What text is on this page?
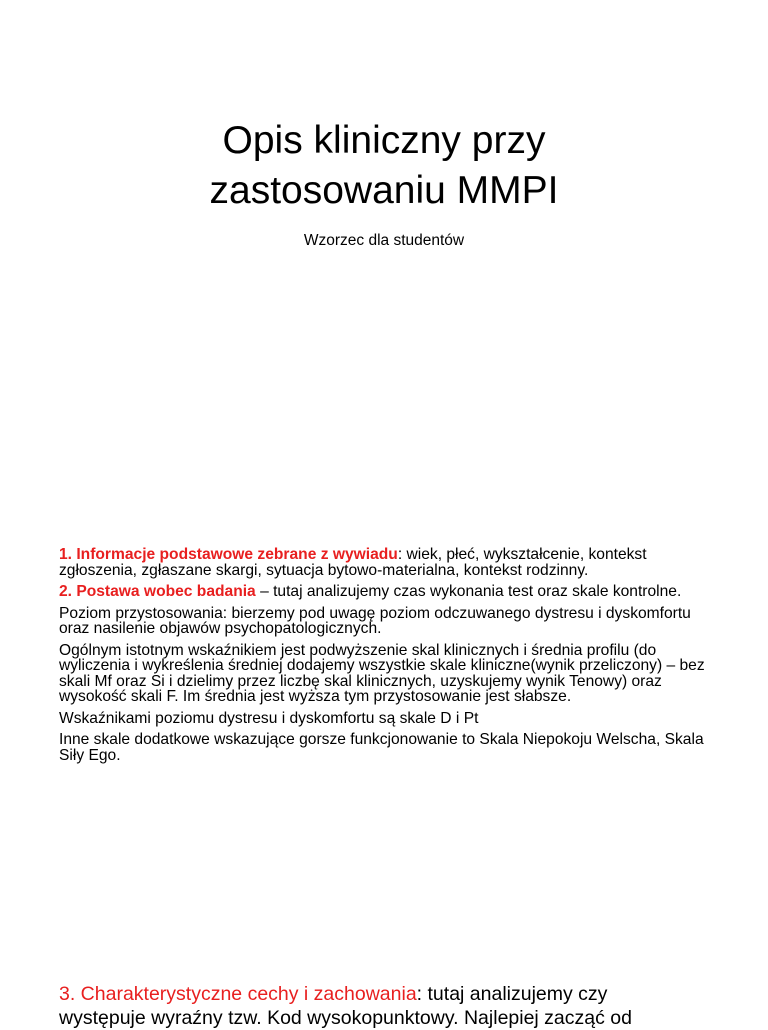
Opis kliniczny przy
zastosowaniu MMPI

Wzorzec dla studentów

1. Informacje podstawowe zebrane z wywiadu: wiek, płeć, wykształcenie, kontekst zgłoszenia, zgłaszane skargi, sytuacja bytowo-materialna, kontekst rodzinny.

2. Postawa wobec badania – tutaj analizujemy czas wykonania test oraz skale kontrolne.

Poziom przystosowania: bierzemy pod uwagę poziom odczuwanego dystresu i dyskomfortu oraz nasilenie objawów psychopatologicznych.

Ogólnym istotnym wskaźnikiem jest podwyższenie skal klinicznych i średnia profilu (do wyliczenia i wykreślenia średniej dodajemy wszystkie skale kliniczne(wynik przeliczony) – bez skali Mf oraz Si i dzielimy przez liczbę skal klinicznych, uzyskujemy wynik Tenowy) oraz wysokość skali F. Im średnia jest wyższa tym przystosowanie jest słabsze.

Wskaźnikami poziomu dystresu i dyskomfortu są skale D i Pt

Inne skale dodatkowe wskazujące gorsze funkcjonowanie to Skala Niepokoju Welscha, Skala Siły Ego.

3. Charakterystyczne cechy i zachowania: tutaj analizujemy czy
występuje wyraźny tzw. Kod wysokopunktowy. Najlepiej zacząć od
